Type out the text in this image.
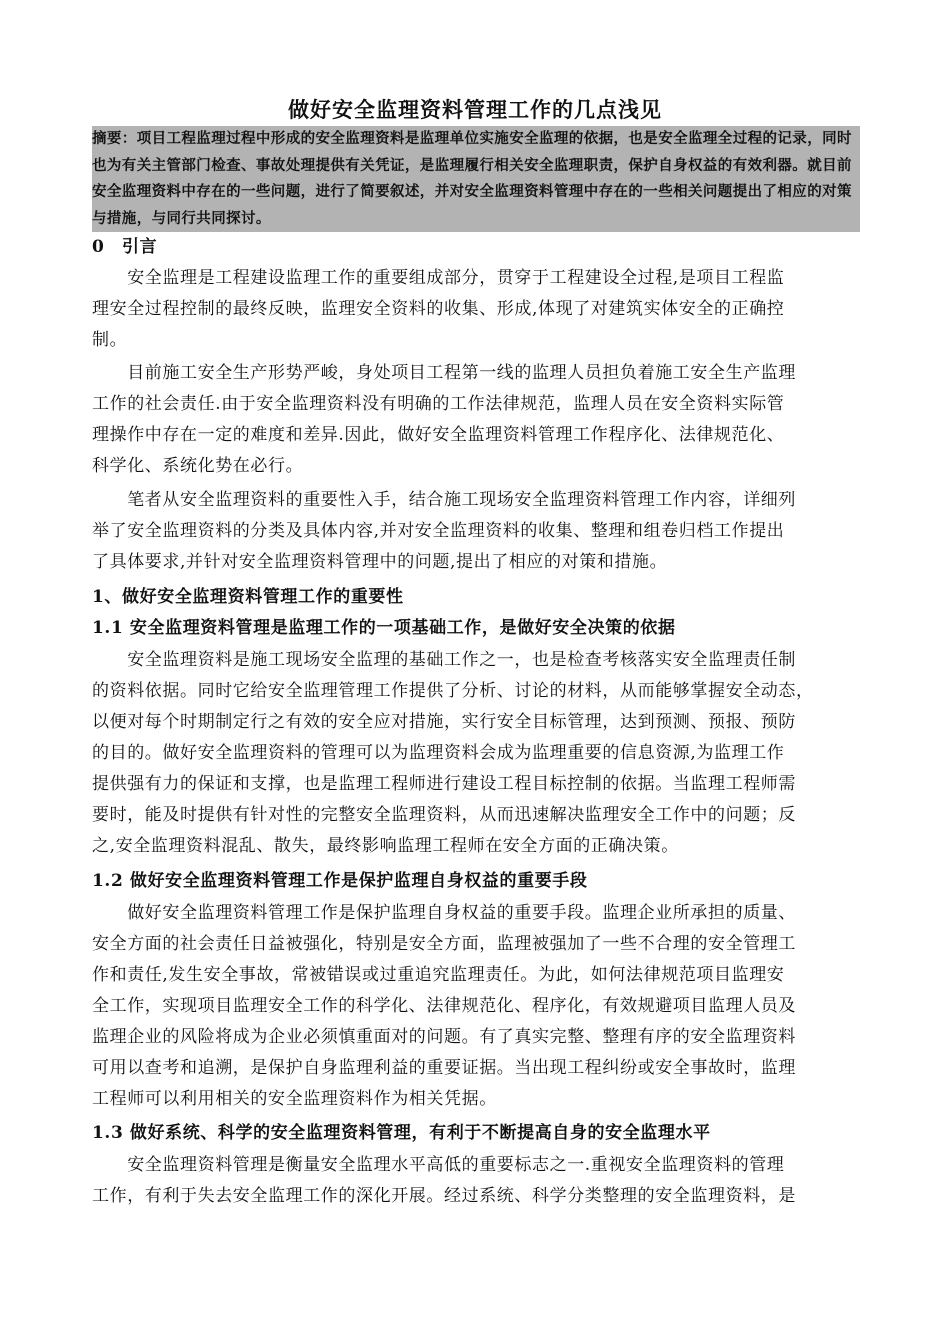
做好安全监理资料管理工作的几点浅见
摘要：项目工程监理过程中形成的安全监理资料是监理单位实施安全监理的依据，也是安全监理全过程的记录，同时也为有关主管部门检查、事故处理提供有关凭证，是监理履行相关安全监理职责，保护自身权益的有效利器。就目前安全监理资料中存在的一些问题，进行了简要叙述，并对安全监理资料管理中存在的一些相关问题提出了相应的对策与措施，与同行共同探讨。
0　引言
　　安全监理是工程建设监理工作的重要组成部分，贯穿于工程建设全过程,是项目工程监
理安全过程控制的最终反映，监理安全资料的收集、形成,体现了对建筑实体安全的正确控
制。
　　目前施工安全生产形势严峻，身处项目工程第一线的监理人员担负着施工安全生产监理
工作的社会责任.由于安全监理资料没有明确的工作法律规范，监理人员在安全资料实际管
理操作中存在一定的难度和差异.因此，做好安全监理资料管理工作程序化、法律规范化、
科学化、系统化势在必行。
　　笔者从安全监理资料的重要性入手，结合施工现场安全监理资料管理工作内容，详细列
举了安全监理资料的分类及具体内容,并对安全监理资料的收集、整理和组卷归档工作提出
了具体要求,并针对安全监理资料管理中的问题,提出了相应的对策和措施。
1、做好安全监理资料管理工作的重要性
1.1 安全监理资料管理是监理工作的一项基础工作，是做好安全决策的依据
　　安全监理资料是施工现场安全监理的基础工作之一，也是检查考核落实安全监理责任制
的资料依据。同时它给安全监理管理工作提供了分析、讨论的材料，从而能够掌握安全动态，
以便对每个时期制定行之有效的安全应对措施，实行安全目标管理，达到预测、预报、预防
的目的。做好安全监理资料的管理可以为监理资料会成为监理重要的信息资源,为监理工作
提供强有力的保证和支撑，也是监理工程师进行建设工程目标控制的依据。当监理工程师需
要时，能及时提供有针对性的完整安全监理资料，从而迅速解决监理安全工作中的问题；反
之,安全监理资料混乱、散失，最终影响监理工程师在安全方面的正确决策。
1.2 做好安全监理资料管理工作是保护监理自身权益的重要手段
　　做好安全监理资料管理工作是保护监理自身权益的重要手段。监理企业所承担的质量、
安全方面的社会责任日益被强化，特别是安全方面，监理被强加了一些不合理的安全管理工
作和责任,发生安全事故，常被错误或过重追究监理责任。为此，如何法律规范项目监理安
全工作，实现项目监理安全工作的科学化、法律规范化、程序化，有效规避项目监理人员及
监理企业的风险将成为企业必须慎重面对的问题。有了真实完整、整理有序的安全监理资料
可用以查考和追溯，是保护自身监理利益的重要证据。当出现工程纠纷或安全事故时，监理
工程师可以利用相关的安全监理资料作为相关凭据。
1.3 做好系统、科学的安全监理资料管理，有利于不断提高自身的安全监理水平
　　安全监理资料管理是衡量安全监理水平高低的重要标志之一.重视安全监理资料的管理
工作，有利于失去安全监理工作的深化开展。经过系统、科学分类整理的安全监理资料，是
